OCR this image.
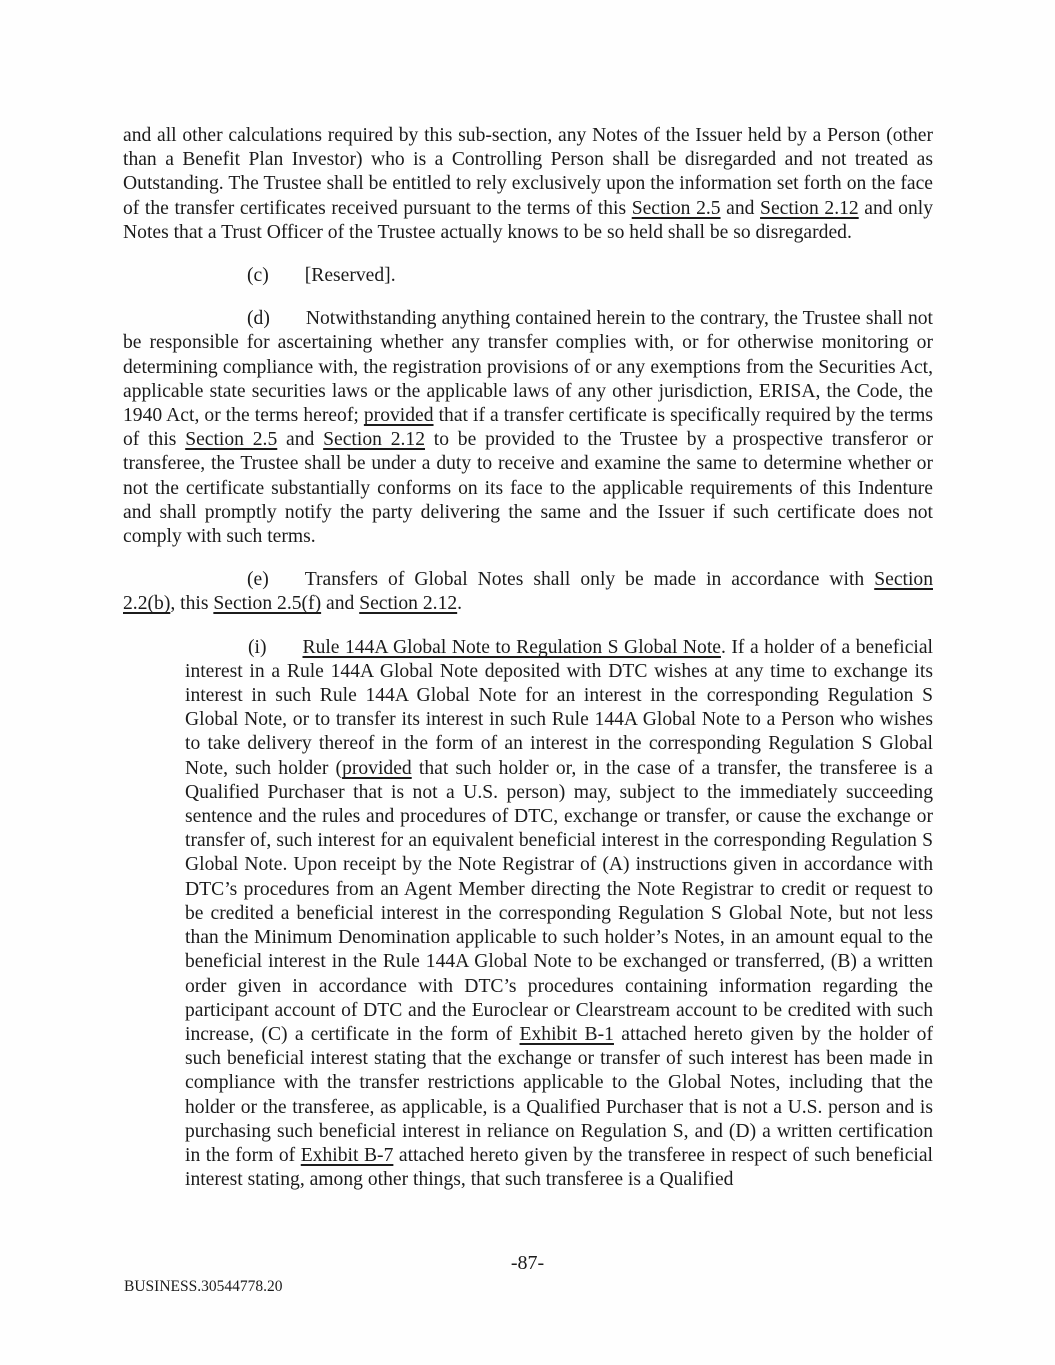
and all other calculations required by this sub-section, any Notes of the Issuer held by a Person (other than a Benefit Plan Investor) who is a Controlling Person shall be disregarded and not treated as Outstanding. The Trustee shall be entitled to rely exclusively upon the information set forth on the face of the transfer certificates received pursuant to the terms of this Section 2.5 and Section 2.12 and only Notes that a Trust Officer of the Trustee actually knows to be so held shall be so disregarded.

(c) [Reserved].

(d) Notwithstanding anything contained herein to the contrary, the Trustee shall not be responsible for ascertaining whether any transfer complies with, or for otherwise monitoring or determining compliance with, the registration provisions of or any exemptions from the Securities Act, applicable state securities laws or the applicable laws of any other jurisdiction, ERISA, the Code, the 1940 Act, or the terms hereof; provided that if a transfer certificate is specifically required by the terms of this Section 2.5 and Section 2.12 to be provided to the Trustee by a prospective transferor or transferee, the Trustee shall be under a duty to receive and examine the same to determine whether or not the certificate substantially conforms on its face to the applicable requirements of this Indenture and shall promptly notify the party delivering the same and the Issuer if such certificate does not comply with such terms.

(e) Transfers of Global Notes shall only be made in accordance with Section 2.2(b), this Section 2.5(f) and Section 2.12.

(i) Rule 144A Global Note to Regulation S Global Note. If a holder of a beneficial interest in a Rule 144A Global Note deposited with DTC wishes at any time to exchange its interest in such Rule 144A Global Note for an interest in the corresponding Regulation S Global Note, or to transfer its interest in such Rule 144A Global Note to a Person who wishes to take delivery thereof in the form of an interest in the corresponding Regulation S Global Note, such holder (provided that such holder or, in the case of a transfer, the transferee is a Qualified Purchaser that is not a U.S. person) may, subject to the immediately succeeding sentence and the rules and procedures of DTC, exchange or transfer, or cause the exchange or transfer of, such interest for an equivalent beneficial interest in the corresponding Regulation S Global Note. Upon receipt by the Note Registrar of (A) instructions given in accordance with DTC’s procedures from an Agent Member directing the Note Registrar to credit or request to be credited a beneficial interest in the corresponding Regulation S Global Note, but not less than the Minimum Denomination applicable to such holder’s Notes, in an amount equal to the beneficial interest in the Rule 144A Global Note to be exchanged or transferred, (B) a written order given in accordance with DTC’s procedures containing information regarding the participant account of DTC and the Euroclear or Clearstream account to be credited with such increase, (C) a certificate in the form of Exhibit B-1 attached hereto given by the holder of such beneficial interest stating that the exchange or transfer of such interest has been made in compliance with the transfer restrictions applicable to the Global Notes, including that the holder or the transferee, as applicable, is a Qualified Purchaser that is not a U.S. person and is purchasing such beneficial interest in reliance on Regulation S, and (D) a written certification in the form of Exhibit B-7 attached hereto given by the transferee in respect of such beneficial interest stating, among other things, that such transferee is a Qualified

-87-
BUSINESS.30544778.20
